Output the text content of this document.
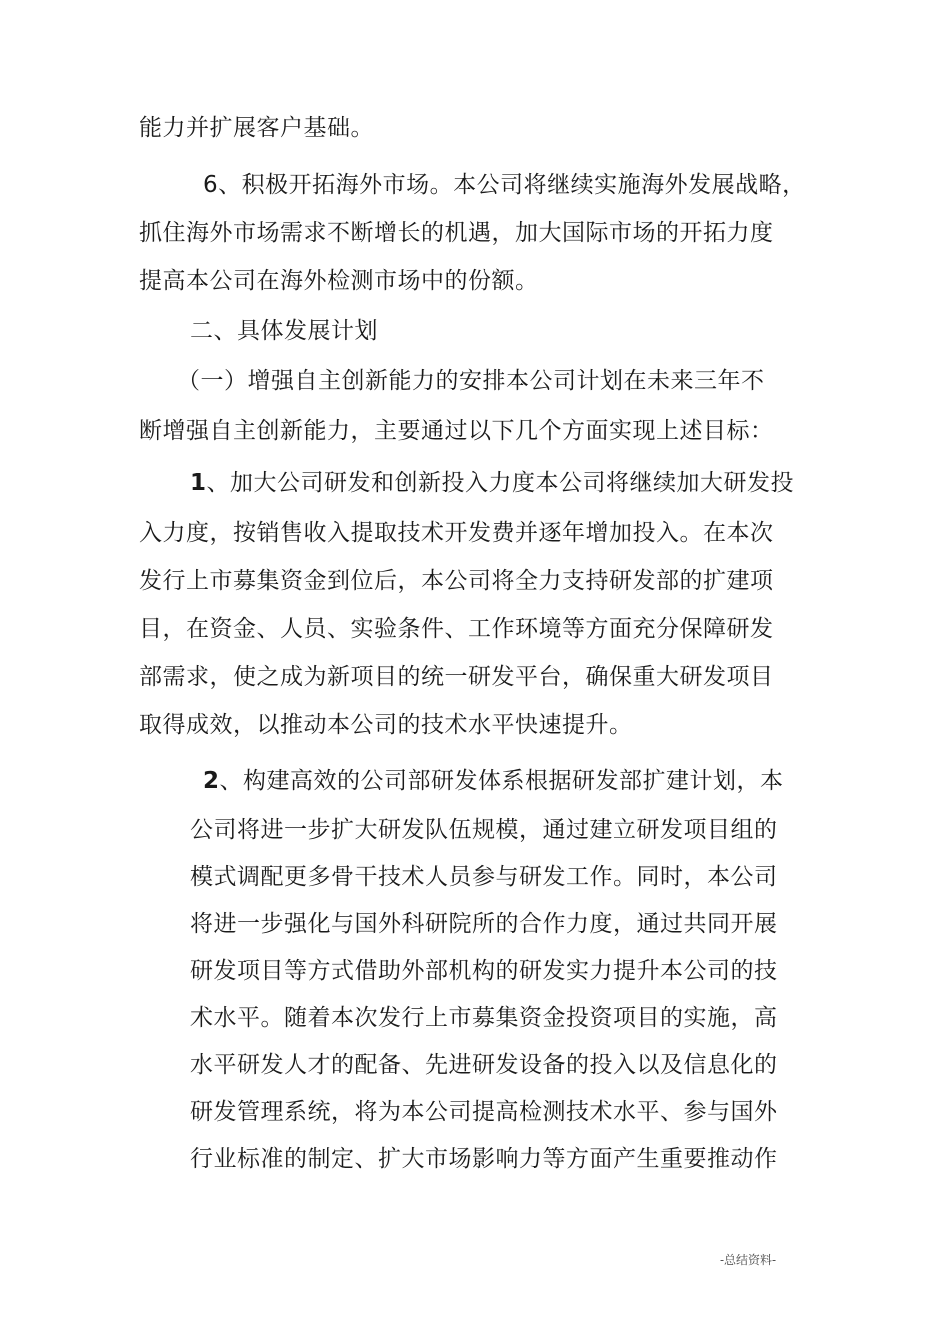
能力并扩展客户基础。
6、积极开拓海外市场。本公司将继续实施海外发展战略，
抓住海外市场需求不断增长的机遇，加大国际市场的开拓力度
提高本公司在海外检测市场中的份额。
二、具体发展计划
（一）增强自主创新能力的安排本公司计划在未来三年不
断增强自主创新能力，主要通过以下几个方面实现上述目标：
1、加大公司研发和创新投入力度本公司将继续加大研发投
入力度，按销售收入提取技术开发费并逐年增加投入。在本次
发行上市募集资金到位后，本公司将全力支持研发部的扩建项
目，在资金、人员、实验条件、工作环境等方面充分保障研发
部需求，使之成为新项目的统一研发平台，确保重大研发项目
取得成效，以推动本公司的技术水平快速提升。
2、构建高效的公司部研发体系根据研发部扩建计划，本
公司将进一步扩大研发队伍规模，通过建立研发项目组的
模式调配更多骨干技术人员参与研发工作。同时，本公司
将进一步强化与国外科研院所的合作力度，通过共同开展
研发项目等方式借助外部机构的研发实力提升本公司的技
术水平。随着本次发行上市募集资金投资项目的实施，高
水平研发人才的配备、先进研发设备的投入以及信息化的
研发管理系统，将为本公司提高检测技术水平、参与国外
行业标准的制定、扩大市场影响力等方面产生重要推动作
-总结资料-
